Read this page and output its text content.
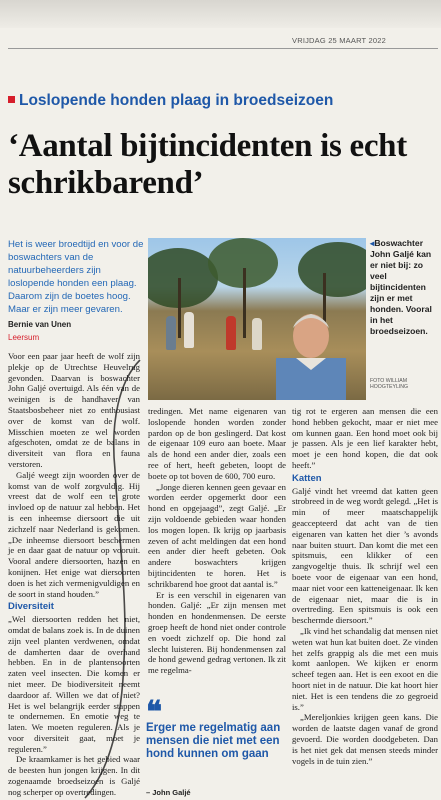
VRIJDAG 25 MAART 2022
Loslopende honden plaag in broedseizoen
‘Aantal bijtincidenten is echt schrikbarend’
Het is weer broedtijd en voor de boswachters van de natuurbeheerders zijn loslopende honden een plaag. Daarom zijn de boetes hoog. Maar er zijn meer gevaren.
Bernie van Unen
Leersum
◂Boswachter John Galjé kan er niet bij: zo veel bijtincidenten zijn er met honden. Vooral in het broedseizoen.
FOTO WILLIAM HOOGTEYLING

Voor een paar jaar heeft de wolf zijn plekje op de Utrechtse Heuvelrug gevonden. Daarvan is boswachter John Galjé overtuigd. Als één van de weinigen is de handhaver van Staatsbosbeheer niet zo enthousiast over de komst van de wolf. Misschien moeten ze wel worden afgeschoten, omdat ze de balans in diversiteit van flora en fauna verstoren.

Galjé weegt zijn woorden over de komst van de wolf zorgvuldig. Hij vreest dat de wolf een te grote invloed op de natuur zal hebben. Het is een inheemse diersoort die uit zichzelf naar Nederland is gekomen. „De inheemse diersoort beschermen je en daar gaat de natuur op vooruit. Vooral andere diersoorten, hazen en konijnen. Het enige wat diersoorten doen is het zich vermenigvuldigen en de soort in stand houden.”

Diversiteit

„Wel diersoorten redden het niet, omdat de balans zoek is. In de duinen zijn veel planten verdwenen, omdat de damherten daar de overhand hebben. En in de plantensoorten zaten veel insecten. Die komen er niet meer. De biodiversiteit neemt daardoor af. Willen we dat of niet? Het is wel belangrijk eerder stappen te ondernemen. En emotie weg te laten. We moeten reguleren. Als je voor diversiteit gaat, moet je reguleren.”

De kraamkamer is het gebied waar de beesten hun jongen krijgen. In dit zogenaamde broedseizoen is Galjé nog scherper op overtredingen.

tredingen. Met name eigenaren van loslopende honden worden zonder pardon op de bon geslingerd. Dat kost de eigenaar 109 euro aan boete. Maar als de hond een ander dier, zoals een ree of hert, heeft gebeten, loopt de boete op tot boven de 600, 700 euro.

„Jonge dieren kennen geen gevaar en worden eerder opgemerkt door een hond en opgejaagd”, zegt Galjé. „Er zijn voldoende gebieden waar honden los mogen lopen. Ik krijg op jaarbasis zeven of acht meldingen dat een hond een ander dier heeft gebeten. Ook andere boswachters krijgen bijtincidenten te horen. Het is schrikbarend hoe groot dat aantal is.”

Er is een verschil in eigenaren van honden. Galjé: „Er zijn mensen met honden en hondenmensen. De eerste groep heeft de hond niet onder controle en voedt zichzelf op. Die hond zal slecht luisteren. Bij hondenmensen zal de hond gewend gedrag vertonen. Ik zit me regelma-

tig rot te ergeren aan mensen die een hond hebben gekocht, maar er niet mee om kunnen gaan. Een hond moet ook bij je passen. Als je een lief karakter hebt, moet je een hond kopen, die dat ook heeft.”

Katten

Galjé vindt het vreemd dat katten geen strobreed in de weg wordt gelegd. „Het is min of meer maatschappelijk geaccepteerd dat acht van de tien eigenaren van katten het dier ’s avonds naar buiten stuurt. Dan komt die met een spitsmuis, een klikker of een zangvogeltje thuis. Ik schrijf wel een boete voor de eigenaar van een hond, maar niet voor een katteneigenaar. Ik ken de eigenaar niet, maar die is in overtreding. Een spitsmuis is ook een beschermde diersoort.”

„Ik vind het schandalig dat mensen niet weten wat hun kat buiten doet. Ze vinden het zelfs grappig als die met een muis komt aanlopen. We kijken er enorm scheef tegen aan. Het is een exoot en die hoort niet in de natuur. Die kat hoort hier niet. Het is een tendens die zo gegroeid is.”

„Mereljonkies krijgen geen kans. Die worden de laatste dagen vanaf de grond gevoerd. Die worden doodgebeten. Dan is het niet gek dat mensen steeds minder vogels in de tuin zien.”

❝
Erger me regelmatig aan mensen die niet met een hond kunnen om gaan
– John Galjé
